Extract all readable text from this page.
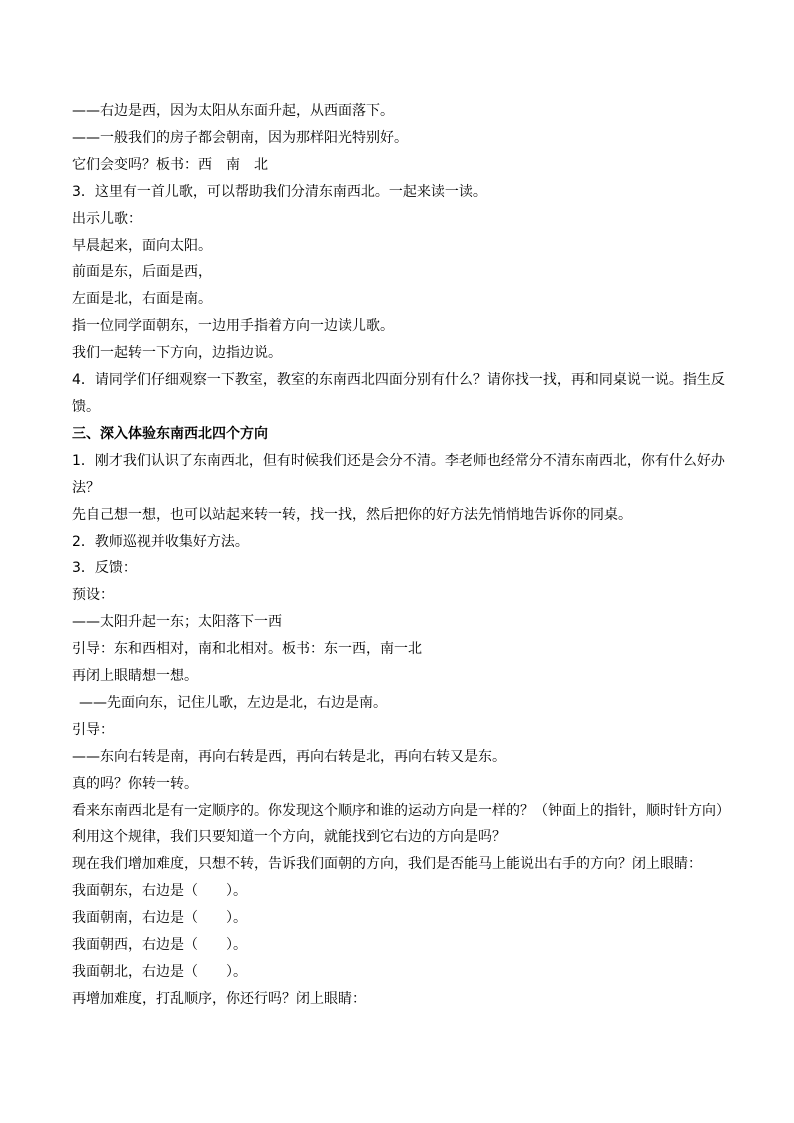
——右边是西，因为太阳从东面升起，从西面落下。
——一般我们的房子都会朝南，因为那样阳光特别好。
它们会变吗？板书：西　南　北
3．这里有一首儿歌，可以帮助我们分清东南西北。一起来读一读。
出示儿歌：
早晨起来，面向太阳。
前面是东，后面是西，
左面是北，右面是南。
指一位同学面朝东，一边用手指着方向一边读儿歌。
我们一起转一下方向，边指边说。
4．请同学们仔细观察一下教室，教室的东南西北四面分别有什么？请你找一找，再和同桌说一说。指生反
馈。
三、深入体验东南西北四个方向
1．刚才我们认识了东南西北，但有时候我们还是会分不清。李老师也经常分不清东南西北，你有什么好办
法？
先自己想一想，也可以站起来转一转，找一找，然后把你的好方法先悄悄地告诉你的同桌。
2．教师巡视并收集好方法。
3．反馈：
预设：
——太阳升起一东；太阳落下一西
引导：东和西相对，南和北相对。板书：东一西，南一北
再闭上眼睛想一想。
——先面向东，记住儿歌，左边是北，右边是南。
引导：
——东向右转是南，再向右转是西，再向右转是北，再向右转又是东。
真的吗？你转一转。
看来东南西北是有一定顺序的。你发现这个顺序和谁的运动方向是一样的？（钟面上的指针，顺时针方向）
利用这个规律，我们只要知道一个方向，就能找到它右边的方向是吗？
现在我们增加难度，只想不转，告诉我们面朝的方向，我们是否能马上能说出右手的方向？闭上眼睛：
我面朝东，右边是（　　）。
我面朝南，右边是（　　）。
我面朝西，右边是（　　）。
我面朝北，右边是（　　）。
再增加难度，打乱顺序，你还行吗？闭上眼睛：
